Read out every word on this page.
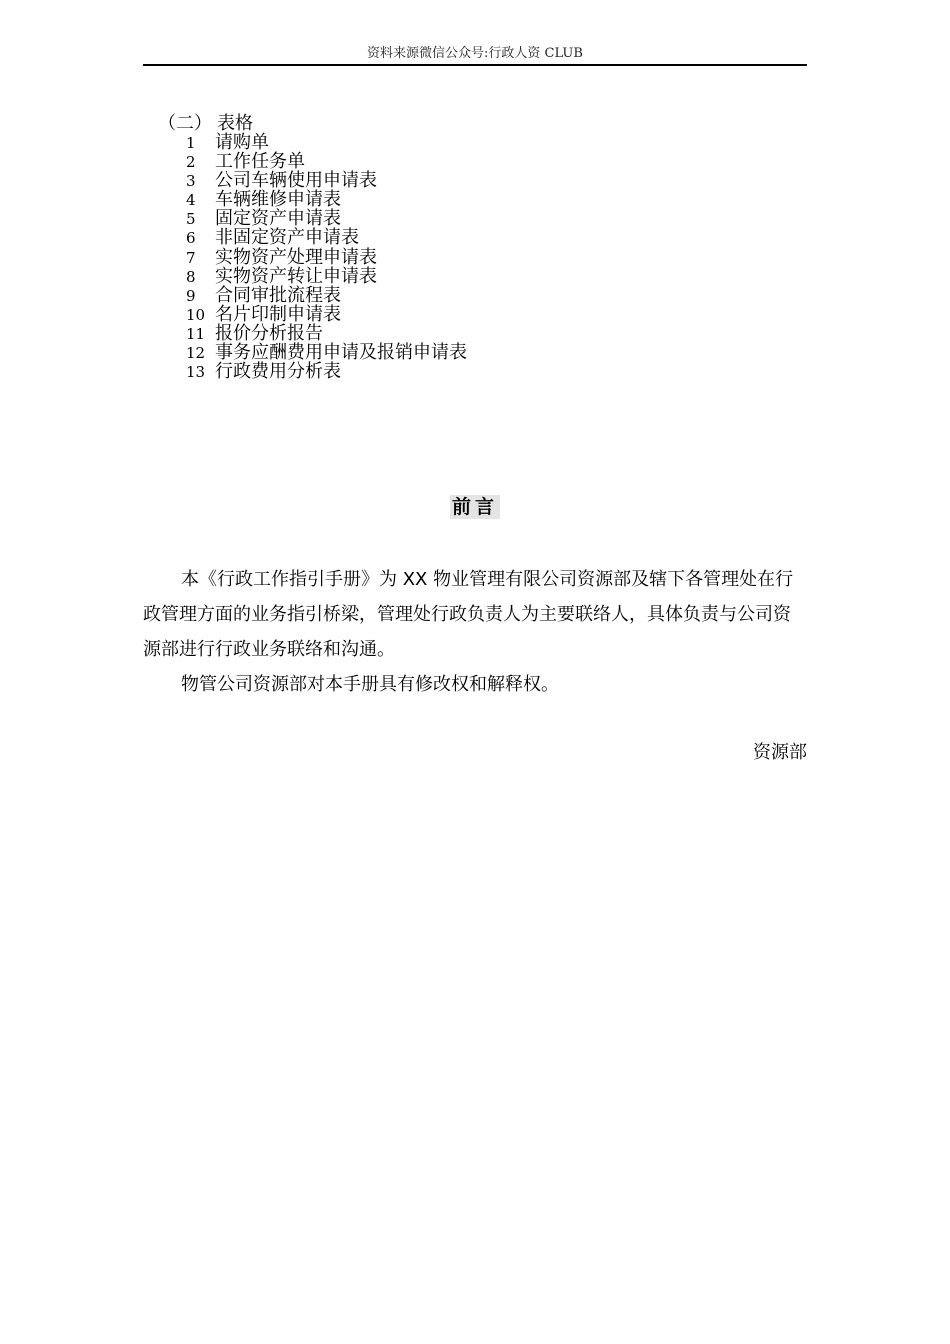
资料来源微信公众号:行政人资 CLUB
（二） 表格
1 请购单
2 工作任务单
3 公司车辆使用申请表
4 车辆维修申请表
5 固定资产申请表
6 非固定资产申请表
7 实物资产处理申请表
8 实物资产转让申请表
9 合同审批流程表
10 名片印制申请表
11 报价分析报告
12 事务应酬费用申请及报销申请表
13 行政费用分析表
前言

本《行政工作指引手册》为 XX 物业管理有限公司资源部及辖下各管理处在行政管理方面的业务指引桥梁，管理处行政负责人为主要联络人，具体负责与公司资源部进行行政业务联络和沟通。

物管公司资源部对本手册具有修改权和解释权。

资源部
